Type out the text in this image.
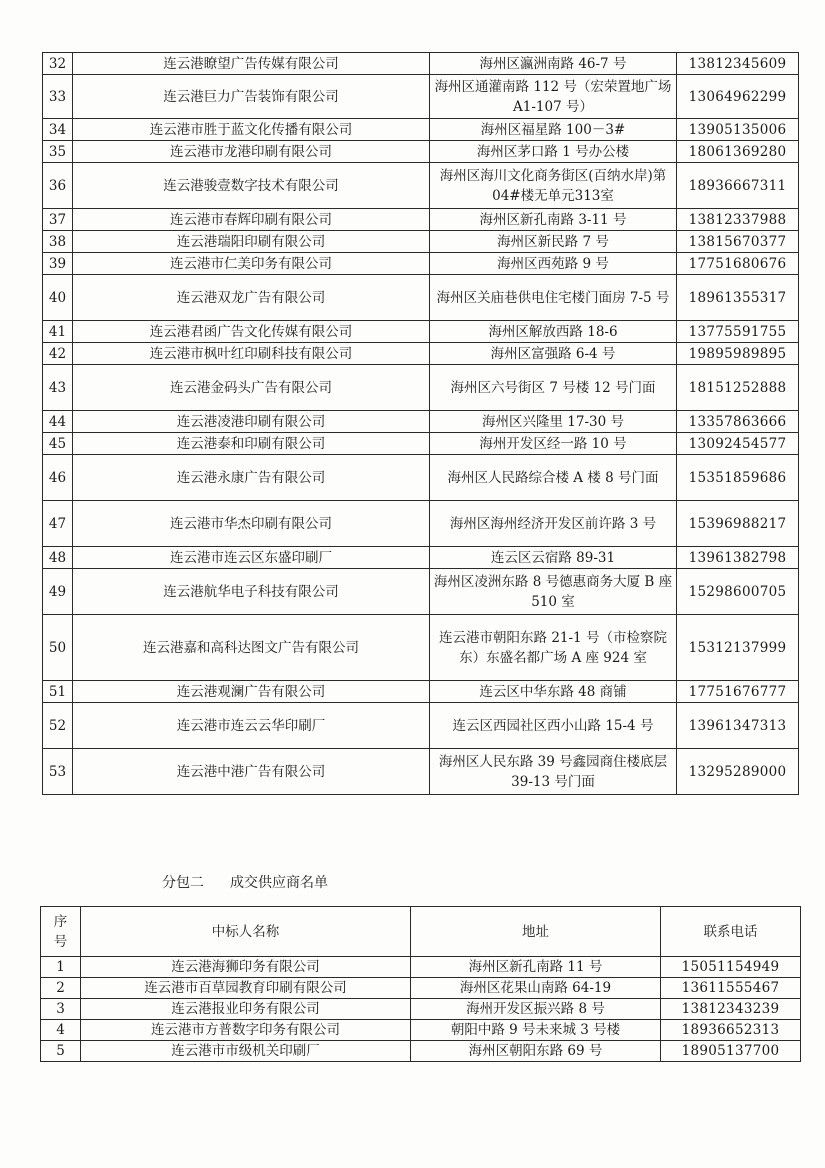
32	连云港瞭望广告传媒有限公司	海州区瀛洲南路 46-7 号	13812345609
33	连云港巨力广告装饰有限公司	海州区通灌南路 112 号（宏荣置地广场 A1-107 号）	13064962299
34	连云港市胜于蓝文化传播有限公司	海州区福星路 100－3#	13905135006
35	连云港市龙港印刷有限公司	海州区茅口路 1 号办公楼	18061369280
36	连云港骏壹数字技术有限公司	海州区海川文化商务街区(百纳水岸)第04#楼无单元313室	18936667311
37	连云港市春辉印刷有限公司	海州区新孔南路 3-11 号	13812337988
38	连云港瑞阳印刷有限公司	海州区新民路 7 号	13815670377
39	连云港市仁美印务有限公司	海州区西苑路 9 号	17751680676
40	连云港双龙广告有限公司	海州区关庙巷供电住宅楼门面房 7-5 号	18961355317
41	连云港君函广告文化传媒有限公司	海州区解放西路 18-6	13775591755
42	连云港市枫叶红印刷科技有限公司	海州区富强路 6-4 号	19895989895
43	连云港金码头广告有限公司	海州区六号街区 7 号楼 12 号门面	18151252888
44	连云港凌港印刷有限公司	海州区兴隆里 17-30 号	13357863666
45	连云港泰和印刷有限公司	海州开发区经一路 10 号	13092454577
46	连云港永康广告有限公司	海州区人民路综合楼 A 楼 8 号门面	15351859686
47	连云港市华杰印刷有限公司	海州区海州经济开发区前许路 3 号	15396988217
48	连云港市连云区东盛印刷厂	连云区云宿路 89-31	13961382798
49	连云港航华电子科技有限公司	海州区凌洲东路 8 号德惠商务大厦 B 座 510 室	15298600705
50	连云港嘉和高科达图文广告有限公司	连云港市朝阳东路 21-1 号（市检察院东）东盛名都广场 A 座 924 室	15312137999
51	连云港观澜广告有限公司	连云区中华东路 48 商铺	17751676777
52	连云港市连云云华印刷厂	连云区西园社区西小山路 15-4 号	13961347313
53	连云港中港广告有限公司	海州区人民东路 39 号鑫园商住楼底层 39-13 号门面	13295289000
分包二 成交供应商名单
序号	中标人名称	地址	联系电话
1	连云港海狮印务有限公司	海州区新孔南路 11 号	15051154949
2	连云港市百草园教育印刷有限公司	海州区花果山南路 64-19	13611555467
3	连云港报业印务有限公司	海州开发区振兴路 8 号	13812343239
4	连云港市方普数字印务有限公司	朝阳中路 9 号未来城 3 号楼	18936652313
5	连云港市市级机关印刷厂	海州区朝阳东路 69 号	18905137700
